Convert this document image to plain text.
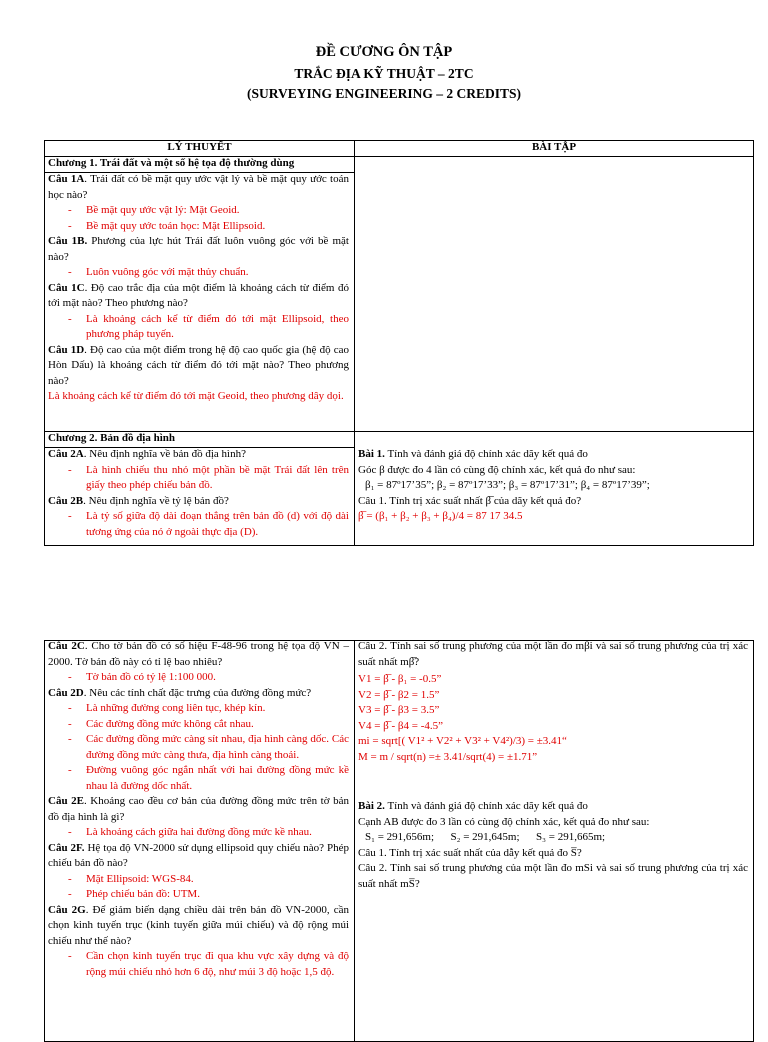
ĐỀ CƯƠNG ÔN TẬP
TRẮC ĐỊA KỸ THUẬT – 2TC
(SURVEYING ENGINEERING – 2 CREDITS)
LÝ THUYẾT	BÀI TẬP
Chương 1. Trái đất và một số hệ tọa độ thường dùng

Câu 1A. Trái đất có bề mặt quy ước vật lý và bề mặt quy ước toán học nào?

- Bề mặt quy ước vật lý: Mặt Geoid.

- Bề mặt quy ước toán học: Mặt Ellipsoid.

Câu 1B. Phương của lực hút Trái đất luôn vuông góc với bề mặt nào?

- Luôn vuông góc với mặt thủy chuẩn.

Câu 1C. Độ cao trắc địa của một điểm là khoảng cách từ điểm đó tới mặt nào? Theo phương nào?

- Là khoảng cách kể từ điểm đó tới mặt Ellipsoid, theo phương pháp tuyến.

Câu 1D. Độ cao của một điểm trong hệ độ cao quốc gia (hệ độ cao Hòn Dấu) là khoảng cách từ điểm đó tới mặt nào? Theo phương nào?

Là khoảng cách kể từ điểm đó tới mặt Geoid, theo phương dây dọi.

Chương 2. Bản đồ địa hình

Câu 2A. Nêu định nghĩa về bản đồ địa hình?

- Là hình chiếu thu nhỏ một phần bề mặt Trái đất lên trên giấy theo phép chiếu bản đồ.

Câu 2B. Nêu định nghĩa về tỷ lệ bản đồ?

- Là tỷ số giữa độ dài đoạn thẳng trên bản đồ (d) với độ dài tương ứng của nó ở ngoài thực địa (D).

Bài 1. Tính và đánh giá độ chính xác dãy kết quả đo

Góc β được đo 4 lần có cùng độ chính xác, kết quả đo như sau:

β₁ = 87º17’35”; β₂ = 87º17’33”; β₃ = 87º17’31”; β₄ = 87º17’39”;

Câu 1. Tính trị xác suất nhất β̅ của dãy kết quả đo?

β̅ = (β₁ + β₂ + β₃ + β₄)/4 = 87 17 34.5

Câu 2C. Cho tờ bản đồ có số hiệu F-48-96 trong hệ tọa độ VN – 2000. Tờ bản đồ này có tỉ lệ bao nhiêu?

- Tờ bản đồ có tỷ lệ 1:100 000.

Câu 2D. Nêu các tính chất đặc trưng của đường đồng mức?

- Là những đường cong liên tục, khép kín.

- Các đường đồng mức không cắt nhau.

- Các đường đồng mức càng sít nhau, địa hình càng dốc. Các đường đồng mức càng thưa, địa hình càng thoải.

- Đường vuông góc ngắn nhất với hai đường đồng mức kề nhau là đường dốc nhất.

Câu 2E. Khoảng cao đều cơ bản của đường đồng mức trên tờ bản đồ địa hình là gì?

- Là khoảng cách giữa hai đường đồng mức kề nhau.

Câu 2F. Hệ tọa độ VN-2000 sử dụng ellipsoid quy chiếu nào? Phép chiếu bản đồ nào?

- Mặt Ellipsoid: WGS-84.

- Phép chiếu bản đồ: UTM.

Câu 2G. Để giảm biến dạng chiều dài trên bản đồ VN-2000, cần chọn kinh tuyến trục (kinh tuyến giữa múi chiếu) và độ rộng múi chiếu như thế nào?

- Cần chọn kinh tuyến trục đi qua khu vực xây dựng và độ rộng múi chiếu nhỏ hơn 6 độ, như múi 3 độ hoặc 1,5 độ.

Câu 2. Tính sai số trung phương của một lần đo mβi và sai số trung phương của trị xác suất nhất mβ̅?

V1 = β̅ - β₁ = -0.5”

V2 = β̅ - β2 = 1.5”

V3 = β̅ - β3 = 3.5”

V4 = β̅ - β4 = -4.5”

mi = sqrt[( V1² + V2² + V3² + V4²)/3) = ±3.41“

M = m / sqrt(n) =± 3.41/sqrt(4) = ±1.71”

Bài 2. Tính và đánh giá độ chính xác dãy kết quả đo

Cạnh AB được đo 3 lần có cùng độ chính xác, kết quả đo như sau:

S₁ = 291,656m;      S₂ = 291,645m;      S₃ = 291,665m;

Câu 1. Tính trị xác suất nhất của dẫy kết quả đo S̅?

Câu 2. Tính sai số trung phương của một lần đo mSi và sai số trung phương của trị xác suất nhất mS̅?
